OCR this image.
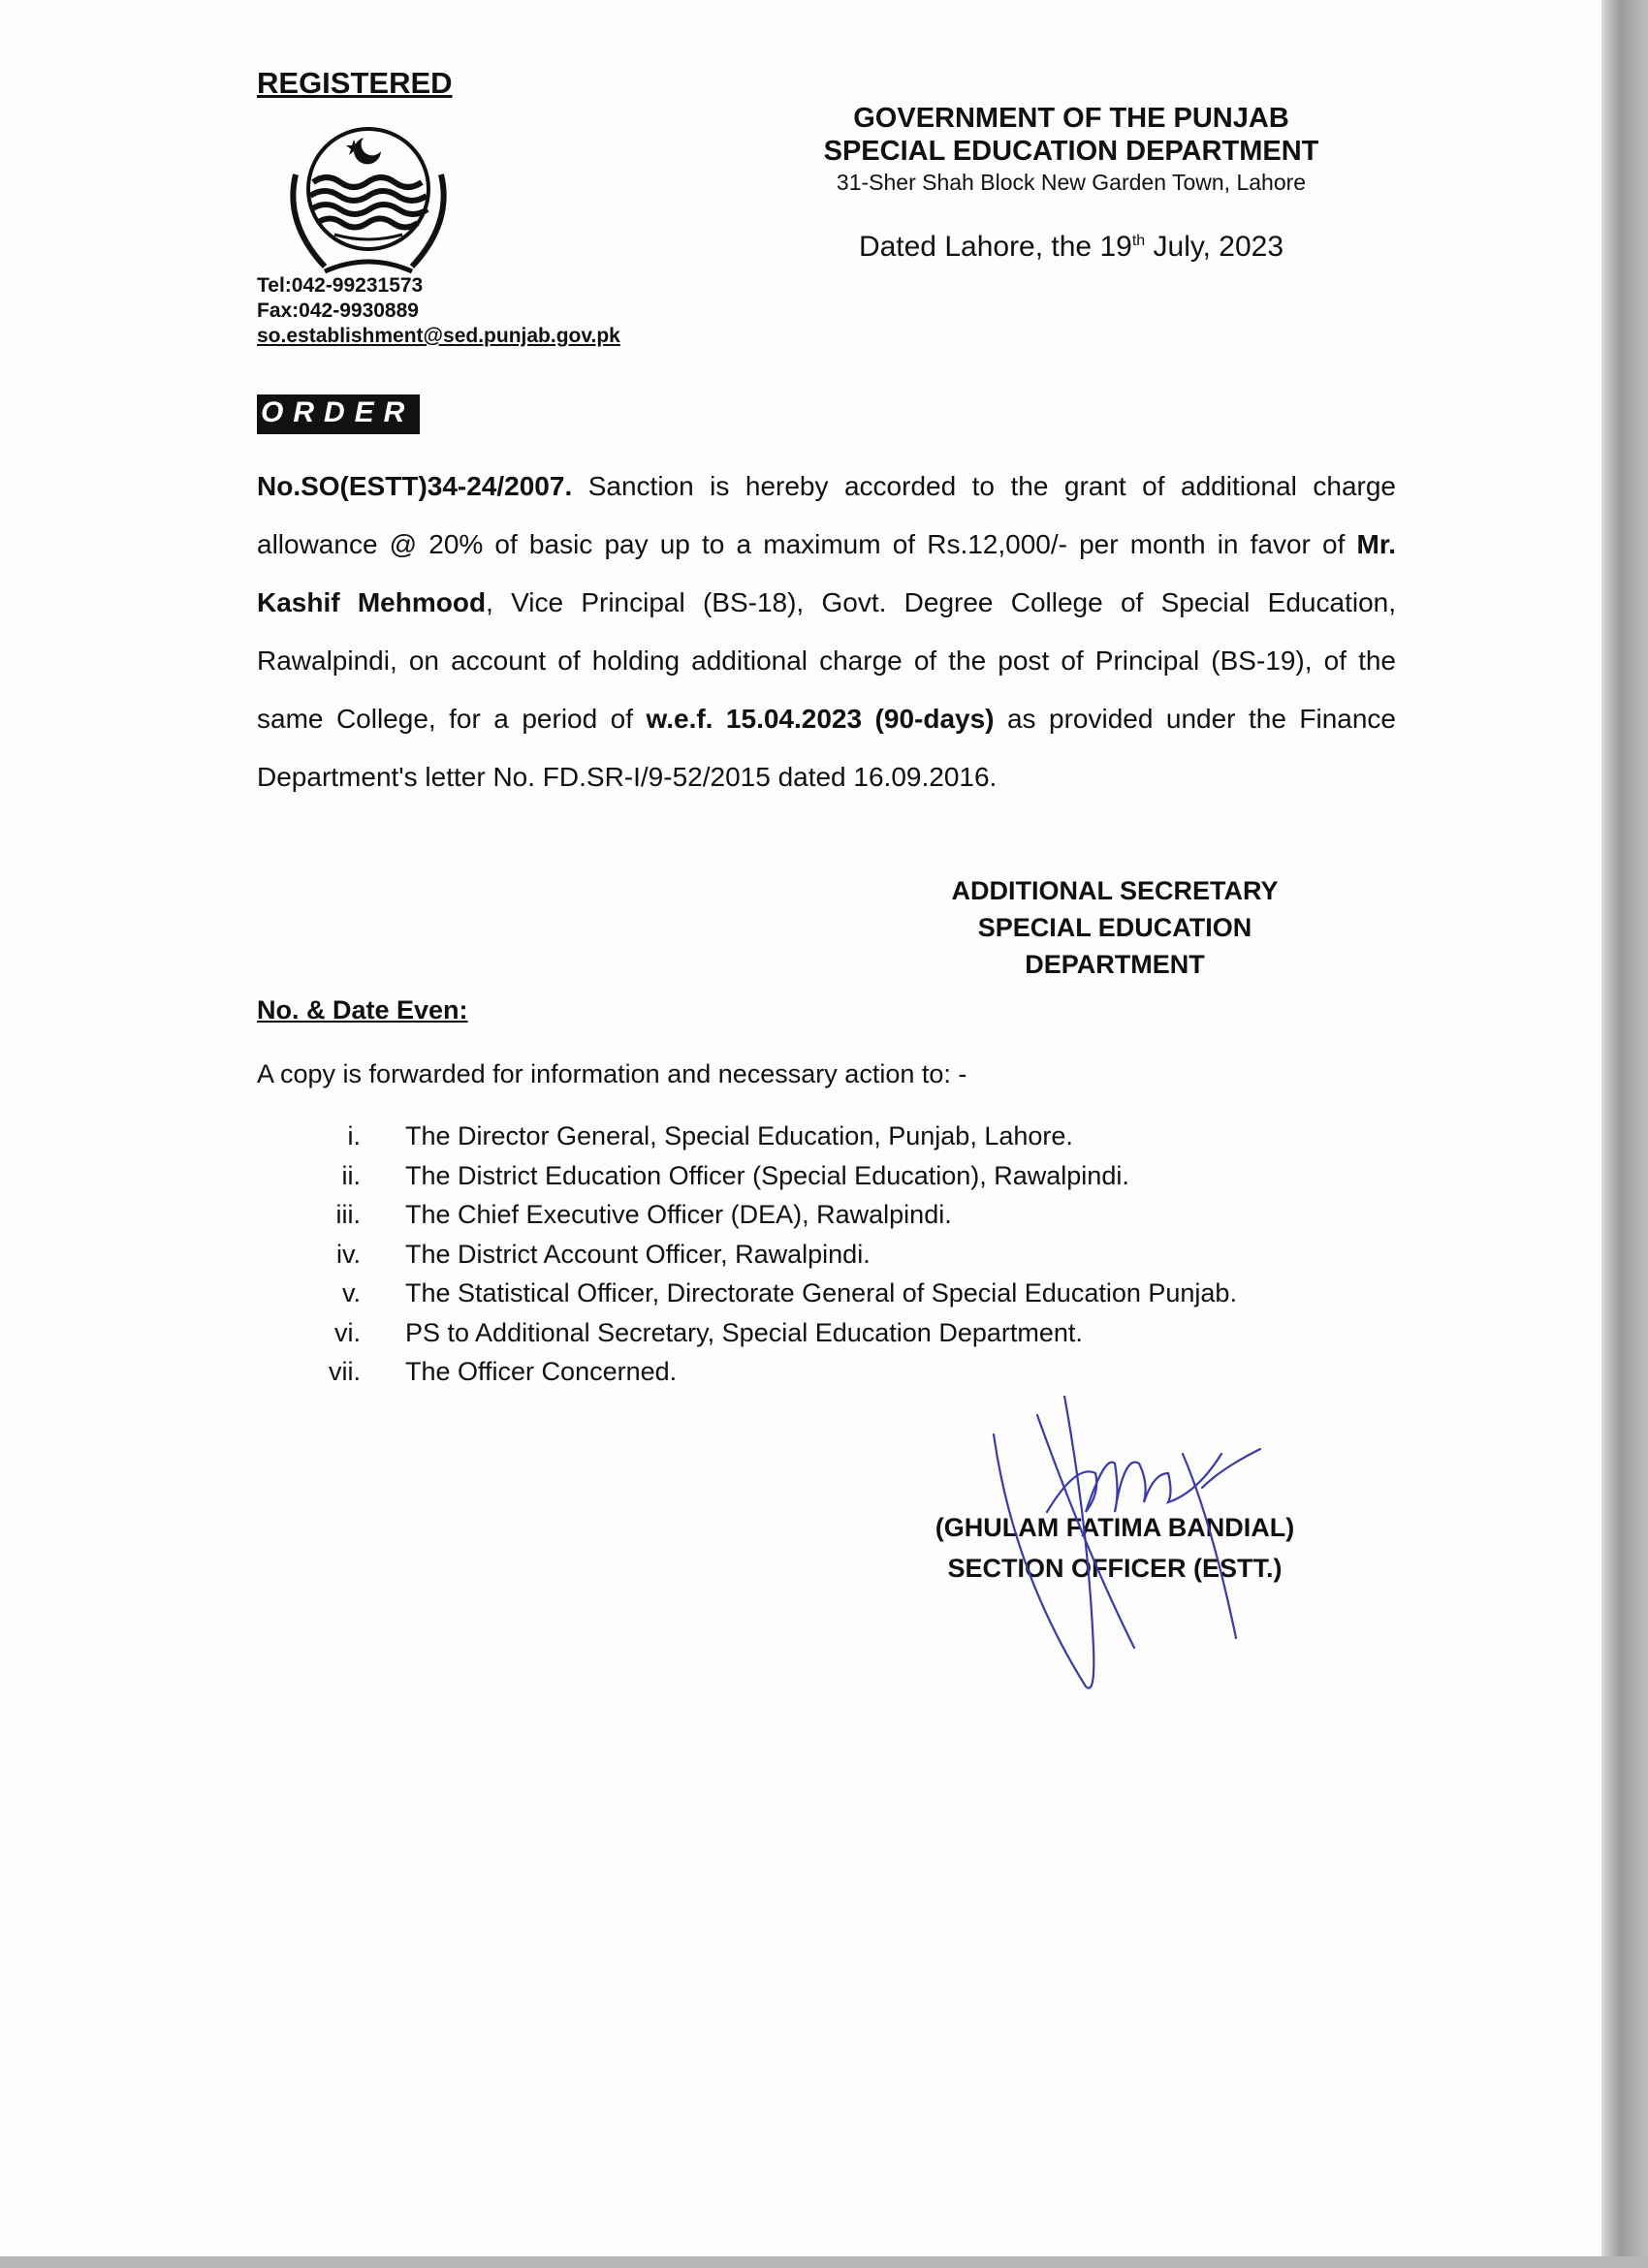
REGISTERED
Tel:042-99231573
Fax:042-9930889
so.establishment@sed.punjab.gov.pk
GOVERNMENT OF THE PUNJAB
SPECIAL EDUCATION DEPARTMENT
31-Sher Shah Block New Garden Town, Lahore
Dated Lahore, the 19th July, 2023
ORDER
No.SO(ESTT)34-24/2007. Sanction is hereby accorded to the grant of additional charge allowance @ 20% of basic pay up to a maximum of Rs.12,000/- per month in favor of Mr. Kashif Mehmood, Vice Principal (BS-18), Govt. Degree College of Special Education, Rawalpindi, on account of holding additional charge of the post of Principal (BS-19), of the same College, for a period of w.e.f. 15.04.2023 (90-days) as provided under the Finance Department's letter No. FD.SR-I/9-52/2015 dated 16.09.2016.
ADDITIONAL SECRETARY
SPECIAL EDUCATION
DEPARTMENT
No. & Date Even:
A copy is forwarded for information and necessary action to: -
i.	The Director General, Special Education, Punjab, Lahore.
ii.	The District Education Officer (Special Education), Rawalpindi.
iii.	The Chief Executive Officer (DEA), Rawalpindi.
iv.	The District Account Officer, Rawalpindi.
v.	The Statistical Officer, Directorate General of Special Education Punjab.
vi.	PS to Additional Secretary, Special Education Department.
vii.	The Officer Concerned.
(GHULAM FATIMA BANDIAL)
SECTION OFFICER (ESTT.)
